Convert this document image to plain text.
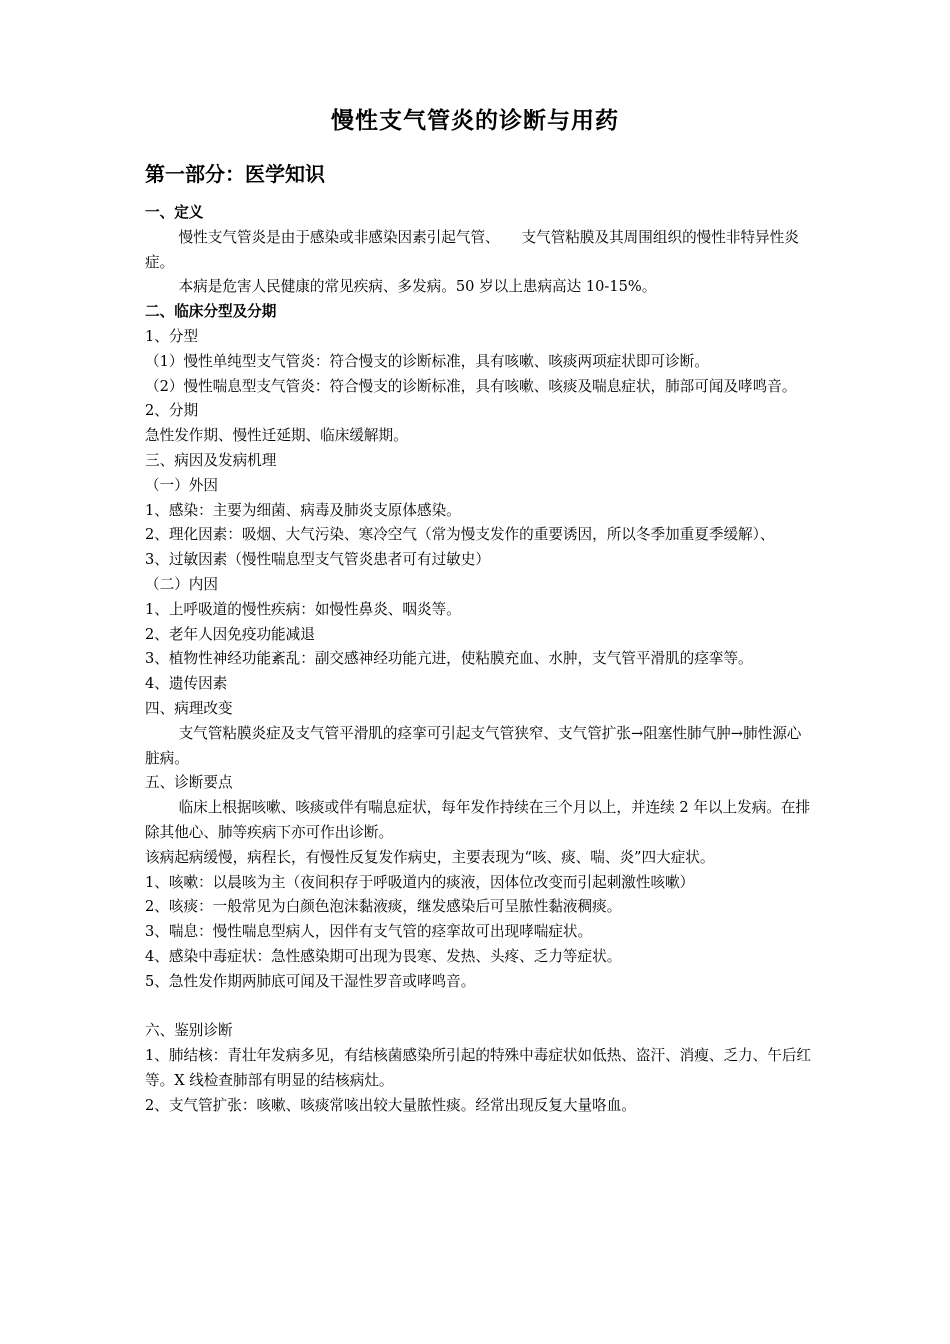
慢性支气管炎的诊断与用药
第一部分：医学知识

一、定义

慢性支气管炎是由于感染或非感染因素引起气管、　　支气管粘膜及其周围组织的慢性非特异性炎症。

本病是危害人民健康的常见疾病、多发病。50 岁以上患病高达 10-15%。

二、临床分型及分期

1、分型

（1）慢性单纯型支气管炎：符合慢支的诊断标准，具有咳嗽、咳痰两项症状即可诊断。

（2）慢性喘息型支气管炎：符合慢支的诊断标准，具有咳嗽、咳痰及喘息症状，肺部可闻及哮鸣音。

2、分期

急性发作期、慢性迁延期、临床缓解期。

三、病因及发病机理

（一）外因

1、感染：主要为细菌、病毒及肺炎支原体感染。

2、理化因素：吸烟、大气污染、寒冷空气（常为慢支发作的重要诱因，所以冬季加重夏季缓解）、

3、过敏因素（慢性喘息型支气管炎患者可有过敏史）

（二）内因

1、上呼吸道的慢性疾病：如慢性鼻炎、咽炎等。

2、老年人因免疫功能减退

3、植物性神经功能紊乱：副交感神经功能亢进，使粘膜充血、水肿，支气管平滑肌的痉挛等。

4、遗传因素

四、病理改变

支气管粘膜炎症及支气管平滑肌的痉挛可引起支气管狭窄、支气管扩张→阻塞性肺气肿→肺性源心脏病。

五、诊断要点

临床上根据咳嗽、咳痰或伴有喘息症状，每年发作持续在三个月以上，并连续 2 年以上发病。在排除其他心、肺等疾病下亦可作出诊断。

该病起病缓慢，病程长，有慢性反复发作病史，主要表现为“咳、痰、喘、炎”四大症状。

1、咳嗽：以晨咳为主（夜间积存于呼吸道内的痰液，因体位改变而引起刺激性咳嗽）

2、咳痰：一般常见为白颜色泡沫黏液痰，继发感染后可呈脓性黏液稠痰。

3、喘息：慢性喘息型病人，因伴有支气管的痉挛故可出现哮喘症状。

4、感染中毒症状：急性感染期可出现为畏寒、发热、头疼、乏力等症状。

5、急性发作期两肺底可闻及干湿性罗音或哮鸣音。

六、鉴别诊断

1、肺结核：青壮年发病多见，有结核菌感染所引起的特殊中毒症状如低热、盗汗、消瘦、乏力、午后红等。X 线检查肺部有明显的结核病灶。

2、支气管扩张：咳嗽、咳痰常咳出较大量脓性痰。经常出现反复大量咯血。
